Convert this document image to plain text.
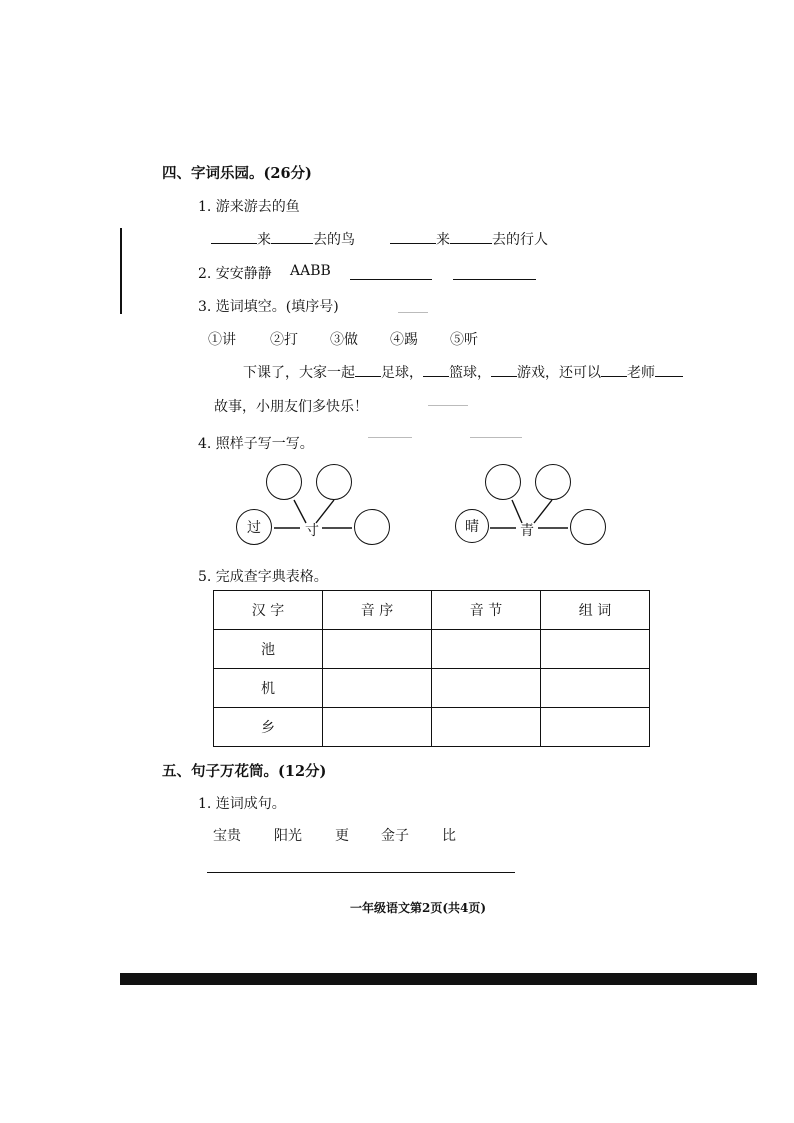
四、字词乐园。(26分)
1. 游来游去的鱼
来	去的鸟	来	去的行人
2. 安安静静 AABB
3. 选词填空。(填序号)
①讲 ②打 ③做 ④踢 ⑤听
下课了，大家一起 足球， 篮球， 游戏，还可以 老师
故事，小朋友们多快乐！
4. 照样子写一写。
过	寸	晴	青
5. 完成查字典表格。
汉 字	音 序	音 节	组 词
池			
机			
乡			
五、句子万花筒。(12分)
1. 连词成句。
宝贵 阳光 更 金子 比
一年级语文第2页(共4页)
